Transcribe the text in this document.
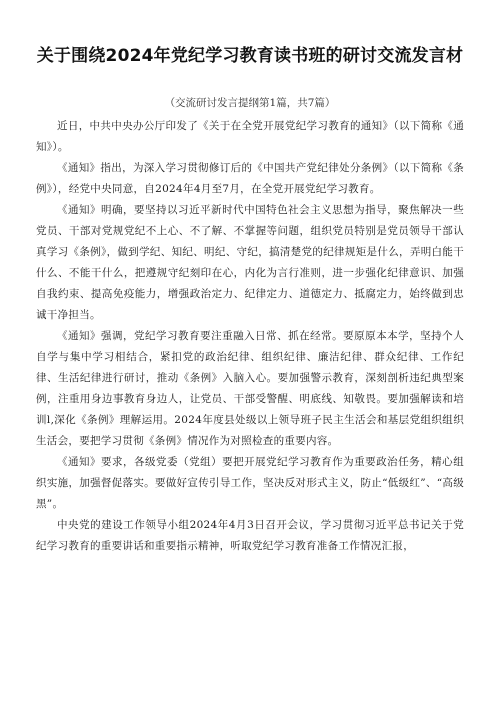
关于围绕2024年党纪学习教育读书班的研讨交流发言材
（交流研讨发言提纲第1篇，共7篇）

近日，中共中央办公厅印发了《关于在全党开展党纪学习教育的通知》（以下简称《通知》）。

《通知》指出，为深入学习贯彻修订后的《中国共产党纪律处分条例》（以下简称《条例》），经党中央同意，自2024年4月至7月，在全党开展党纪学习教育。

《通知》明确，要坚持以习近平新时代中国特色社会主义思想为指导，聚焦解决一些党员、干部对党规党纪不上心、不了解、不掌握等问题，组织党员特别是党员领导干部认真学习《条例》，做到学纪、知纪、明纪、守纪，搞清楚党的纪律规矩是什么，弄明白能干什么、不能干什么，把遵规守纪刻印在心，内化为言行准则，进一步强化纪律意识、加强自我约束、提高免疫能力，增强政治定力、纪律定力、道德定力、抵腐定力，始终做到忠诚干净担当。

《通知》强调，党纪学习教育要注重融入日常、抓在经常。要原原本本学，坚持个人自学与集中学习相结合，紧扣党的政治纪律、组织纪律、廉洁纪律、群众纪律、工作纪律、生活纪律进行研讨，推动《条例》入脑入心。要加强警示教育，深刻剖析违纪典型案例，注重用身边事教育身边人，让党员、干部受警醒、明底线、知敬畏。要加强解读和培训l,深化《条例》理解运用。2024年度县处级以上领导班子民主生活会和基层党组织组织生活会，要把学习贯彻《条例》情况作为对照检查的重要内容。

《通知》要求，各级党委（党组）要把开展党纪学习教育作为重要政治任务，精心组织实施，加强督促落实。要做好宣传引导工作，坚决反对形式主义，防止“低级红”、“高级黑”。

中央党的建设工作领导小组2024年4月3日召开会议，学习贯彻习近平总书记关于党纪学习教育的重要讲话和重要指示精神，听取党纪学习教育准备工作情况汇报，
